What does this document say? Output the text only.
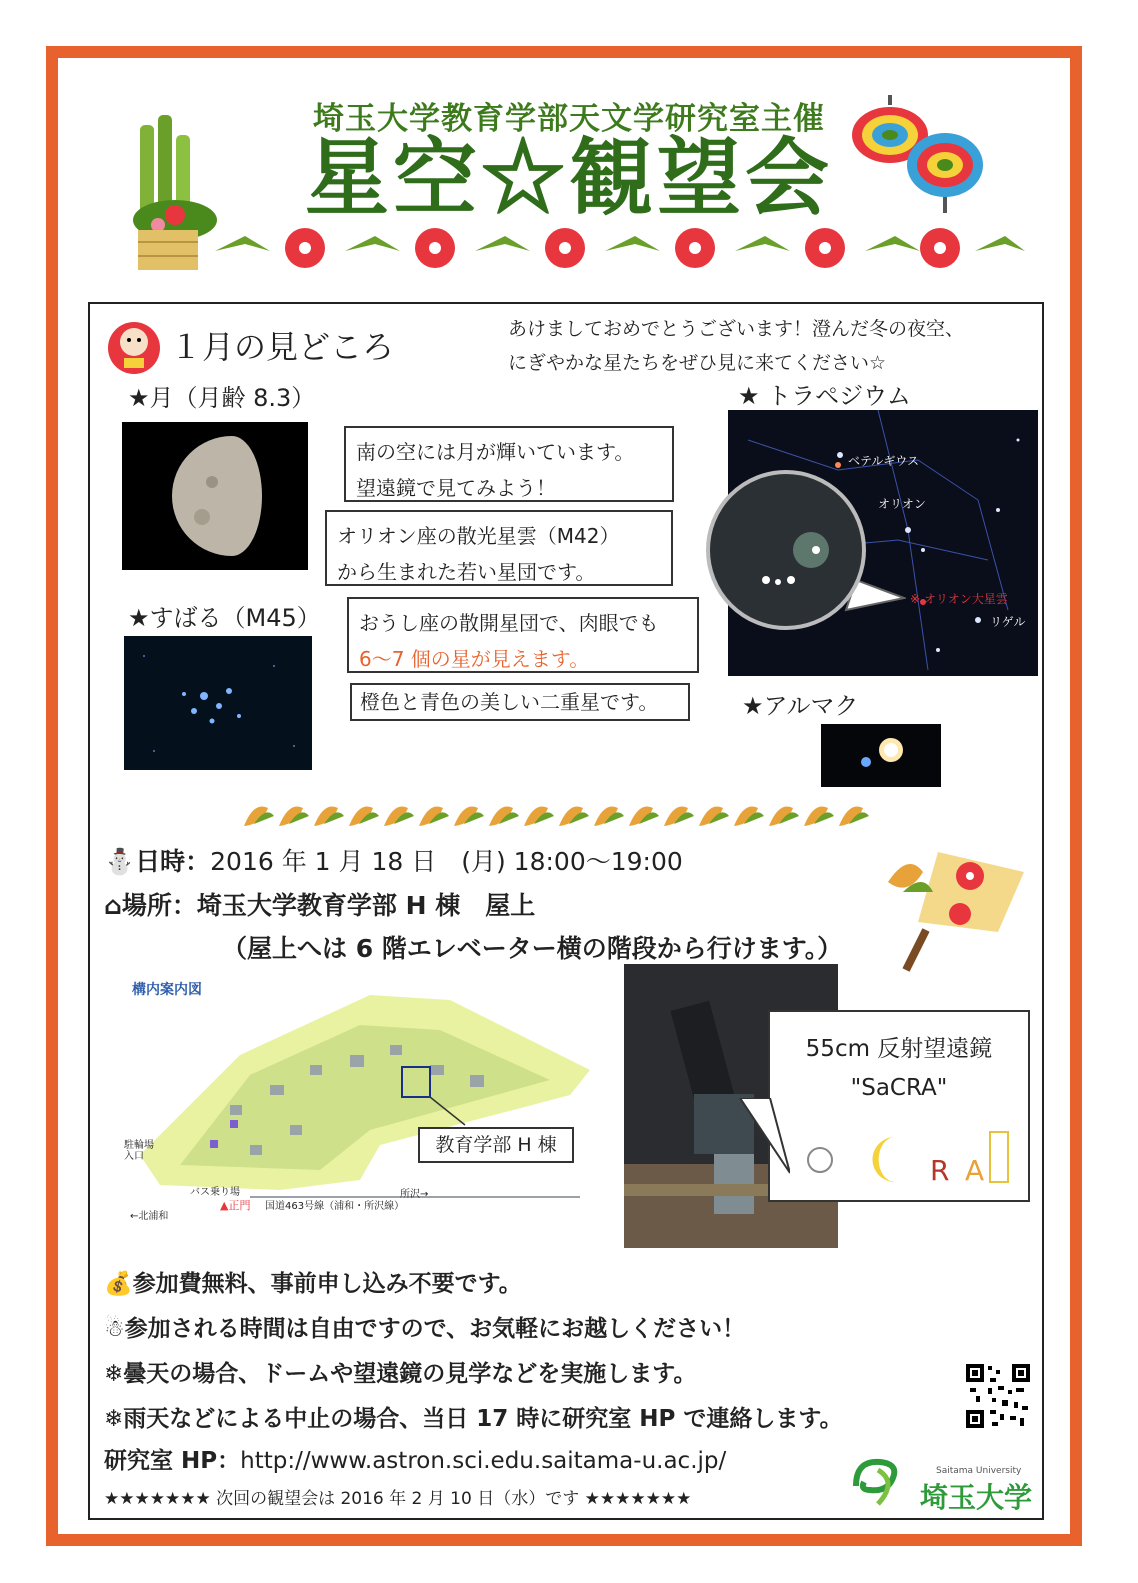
埼玉大学教育学部天文学研究室主催
星空☆観望会
１月の見どころ	あけましておめでとうございます！澄んだ冬の夜空、
にぎやかな星たちをぜひ見に来てください☆
★月（月齢 8.3）
南の空には月が輝いています。
望遠鏡で見てみよう！
★ トラペジウム
ベテルギウス
オリオン
※ オリオン大星雲
リゲル
オリオン座の散光星雲（M42）
から生まれた若い星団です。
★すばる（M45） おうし座の散開星団で、肉眼でも
6～7 個の星が見えます。
橙色と青色の美しい二重星です。	★アルマク
⛄日時：2016 年 1 月 18 日　(月) 18:00～19:00
⌂場所：埼玉大学教育学部 H 棟　屋上
（屋上へは 6 階エレベーター横の階段から行けます。）
構内案内図
駐輪場
入口
バス乗り場
▲正門 国道463号線（浦和・所沢線）
←北浦和
所沢→
教育学部 H 棟
55cm 反射望遠鏡
"SaCRA"
R A
💰参加費無料、事前申し込み不要です。
☃参加される時間は自由ですので、お気軽にお越しください！
❄曇天の場合、ドームや望遠鏡の見学などを実施します。
❄雨天などによる中止の場合、当日 17 時に研究室 HP で連絡します。
研究室 HP：http://www.astron.sci.edu.saitama-u.ac.jp/
★★★★★★★ 次回の観望会は 2016 年 2 月 10 日（水）です ★★★★★★★
Saitama University
埼玉大学
